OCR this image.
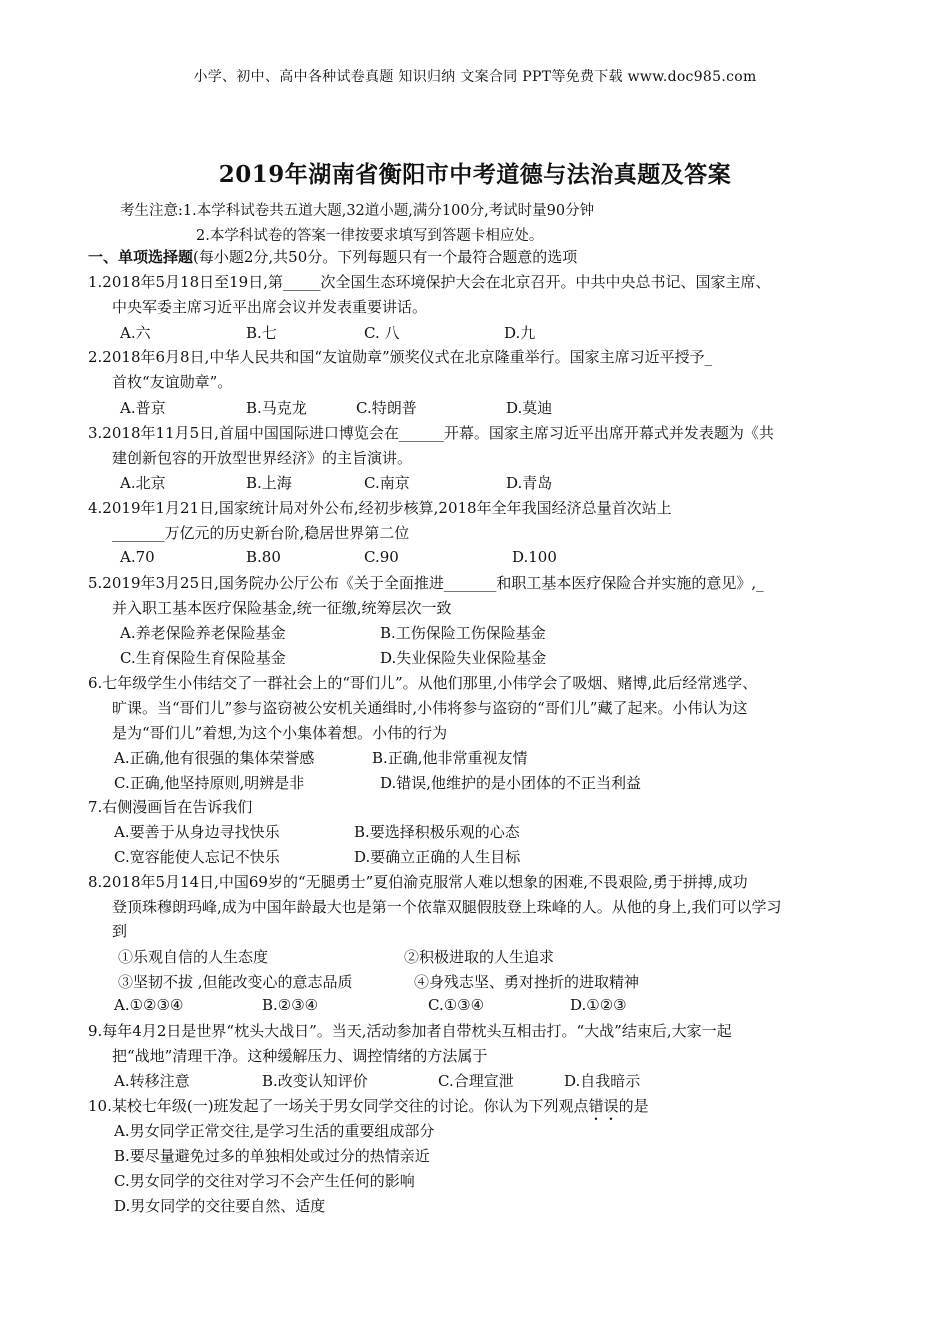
小学、初中、高中各种试卷真题 知识归纳 文案合同 PPT等免费下载 www.doc985.com
2019年湖南省衡阳市中考道德与法治真题及答案
考生注意:1.本学科试卷共五道大题,32道小题,满分100分,考试时量90分钟
2.本学科试卷的答案一律按要求填写到答题卡相应处。
一、单项选择题(每小题2分,共50分。下列每题只有一个最符合题意的选项
1.2018年5月18日至19日,第_____次全国生态环境保护大会在北京召开。中共中央总书记、国家主席、
中央军委主席习近平出席会议并发表重要讲话。
A.六	B.七	C. 八	D.九
2.2018年6月8日,中华人民共和国“友谊勋章”颁奖仪式在北京隆重举行。国家主席习近平授予_
首枚“友谊勋章”。
A.普京	B.马克龙	C.特朗普	D.莫迪
3.2018年11月5日,首届中国国际进口博览会在______开幕。国家主席习近平出席开幕式并发表题为《共
建创新包容的开放型世界经济》的主旨演讲。
A.北京	B.上海	C.南京	D.青岛
4.2019年1月21日,国家统计局对外公布,经初步核算,2018年全年我国经济总量首次站上
_______万亿元的历史新台阶,稳居世界第二位
A.70	B.80	C.90	D.100
5.2019年3月25日,国务院办公厅公布《关于全面推进_______和职工基本医疗保险合并实施的意见》,_
并入职工基本医疗保险基金,统一征缴,统筹层次一致
A.养老保险养老保险基金	B.工伤保险工伤保险基金
C.生育保险生育保险基金	D.失业保险失业保险基金
6.七年级学生小伟结交了一群社会上的“哥们儿”。从他们那里,小伟学会了吸烟、赌博,此后经常逃学、
旷课。当“哥们儿”参与盗窃被公安机关通缉时,小伟将参与盗窃的“哥们儿”藏了起来。小伟认为这
是为“哥们儿”着想,为这个小集体着想。小伟的行为
A.正确,他有很强的集体荣誉感	B.正确,他非常重视友情
C.正确,他坚持原则,明辨是非	D.错误,他维护的是小团体的不正当利益
7.右侧漫画旨在告诉我们
A.要善于从身边寻找快乐	B.要选择积极乐观的心态
C.宽容能使人忘记不快乐	D.要确立正确的人生目标
8.2018年5月14日,中国69岁的“无腿勇士”夏伯渝克服常人难以想象的困难,不畏艰险,勇于拼搏,成功
登顶珠穆朗玛峰,成为中国年龄最大也是第一个依靠双腿假肢登上珠峰的人。从他的身上,我们可以学习
到
①乐观自信的人生态度	②积极进取的人生追求
③坚韧不拔 ,但能改变心的意志品质	④身残志坚、勇对挫折的进取精神
A.①②③④	B.②③④	C.①③④	D.①②③
9.每年4月2日是世界“枕头大战日”。当天,活动参加者自带枕头互相击打。“大战”结束后,大家一起
把“战地”清理干净。这种缓解压力、调控情绪的方法属于
A.转移注意	B.改变认知评价	C.合理宣泄	D.自我暗示
10.某校七年级(一)班发起了一场关于男女同学交往的讨论。你认为下列观点错误的是
A.男女同学正常交往,是学习生活的重要组成部分
B.要尽量避免过多的单独相处或过分的热情亲近
C.男女同学的交往对学习不会产生任何的影响
D.男女同学的交往要自然、适度
